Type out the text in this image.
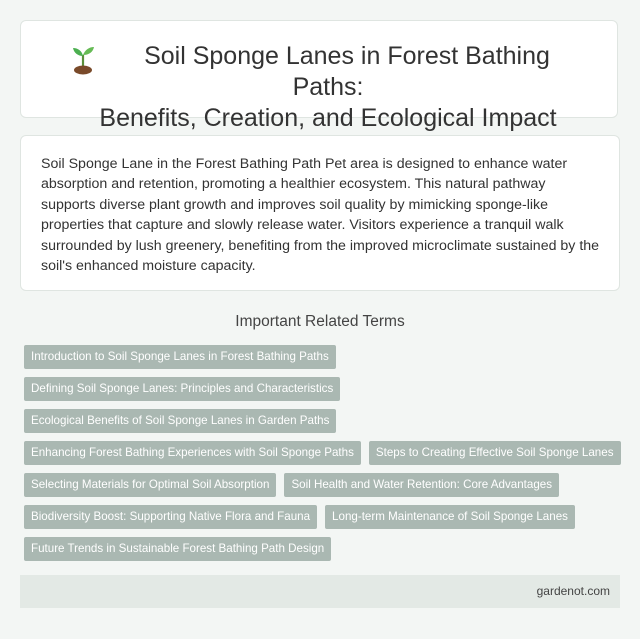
Soil Sponge Lanes in Forest Bathing Paths:
Benefits, Creation, and Ecological Impact

Soil Sponge Lane in the Forest Bathing Path Pet area is designed to enhance water absorption and retention, promoting a healthier ecosystem. This natural pathway supports diverse plant growth and improves soil quality by mimicking sponge-like properties that capture and slowly release water. Visitors experience a tranquil walk surrounded by lush greenery, benefiting from the improved microclimate sustained by the soil's enhanced moisture capacity.

Important Related Terms
Introduction to Soil Sponge Lanes in Forest Bathing Paths
Defining Soil Sponge Lanes: Principles and Characteristics
Ecological Benefits of Soil Sponge Lanes in Garden Paths
Enhancing Forest Bathing Experiences with Soil Sponge Paths	Steps to Creating Effective Soil Sponge Lanes
Selecting Materials for Optimal Soil Absorption	Soil Health and Water Retention: Core Advantages
Biodiversity Boost: Supporting Native Flora and Fauna	Long-term Maintenance of Soil Sponge Lanes
Future Trends in Sustainable Forest Bathing Path Design
gardenot.com
